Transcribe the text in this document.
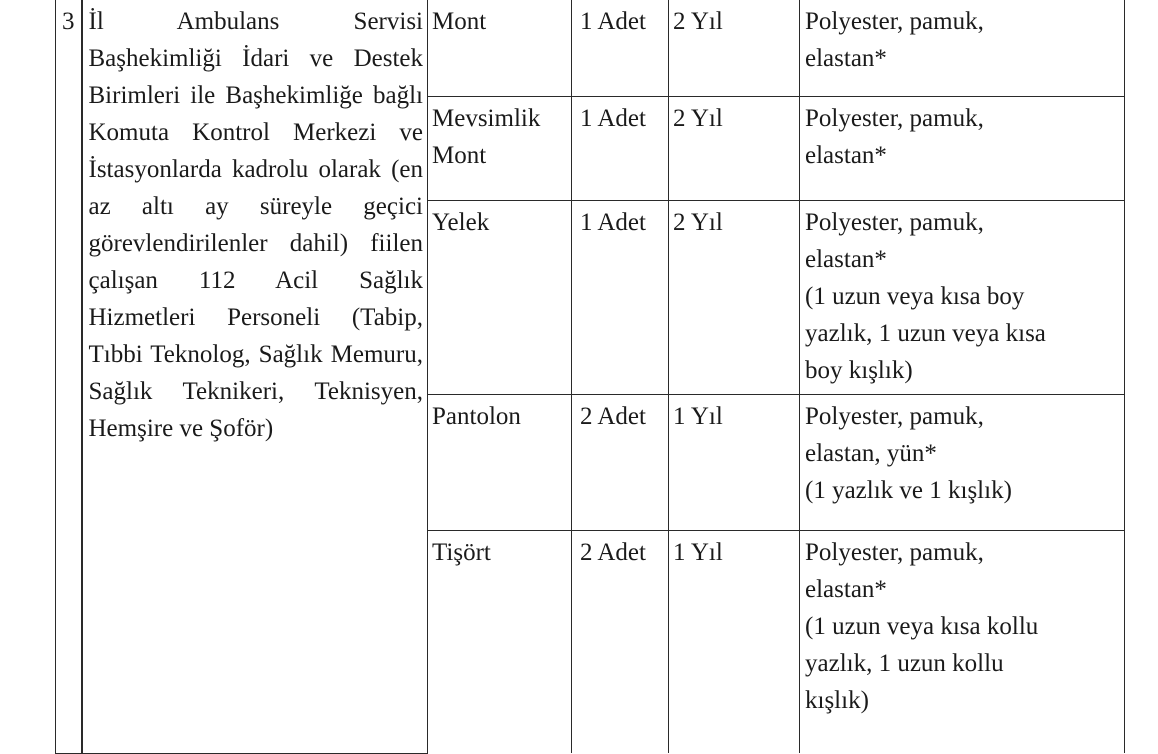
3	İl Ambulans Servisi Başhekimliği İdari ve Destek Birimleri ile Başhekimliğe bağlı Komuta Kontrol Merkezi ve İstasyonlarda kadrolu olarak (en az altı ay süreyle geçici görevlendirilenler dahil) fiilen çalışan 112 Acil Sağlık Hizmetleri Personeli (Tabip, Tıbbi Teknolog, Sağlık Memuru, Sağlık Teknikeri, Teknisyen, Hemşire ve Şoför)	Mont	1 Adet	2 Yıl	Polyester, pamuk,
elastan*

		Mevsimlik Mont	1 Adet	2 Yıl	Polyester, pamuk,
elastan*

		Yelek	1 Adet	2 Yıl	Polyester, pamuk,
elastan*
(1 uzun veya kısa boy
yazlık, 1 uzun veya kısa
boy kışlık)

		Pantolon	2 Adet	1 Yıl	Polyester, pamuk,
elastan, yün*
(1 yazlık ve 1 kışlık)

		Tişört	2 Adet	1 Yıl	Polyester, pamuk,
elastan*
(1 uzun veya kısa kollu
yazlık, 1 uzun kollu
kışlık)
